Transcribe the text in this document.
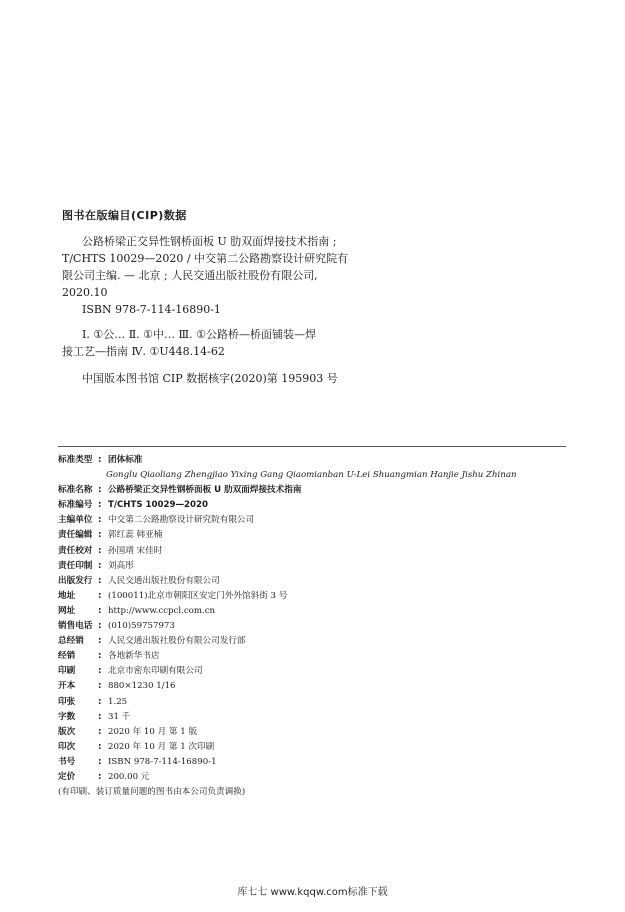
图书在版编目(CIP)数据
公路桥梁正交异性钢桥面板 U 肋双面焊接技术指南 ;
T/CHTS 10029—2020 / 中交第二公路勘察设计研究院有
限公司主编. — 北京 ; 人民交通出版社股份有限公司,
2020.10
ISBN 978-7-114-16890-1
Ⅰ. ①公… Ⅱ. ①中… Ⅲ. ①公路桥—桥面铺装—焊
接工艺—指南 Ⅳ. ①U448.14-62
中国版本图书馆 CIP 数据核字(2020)第 195903 号
标准类型 : 团体标准
Gonglu Qiaoliang Zhengjiao Yixing Gang Qiaomianban U-Lei Shuangmian Hanjie Jishu Zhinan
标准名称 : 公路桥梁正交异性钢桥面板 U 肋双面焊接技术指南
标准编号 : T/CHTS 10029—2020
主编单位 : 中交第二公路勘察设计研究院有限公司
责任编辑 : 郭红蕊 韩亚楠
责任校对 : 孙国靖 宋佳时
责任印制 : 刘高彤
出版发行 : 人民交通出版社股份有限公司
地址	: (100011)北京市朝阳区安定门外外馆斜街 3 号
网址	: http://www.ccpcl.com.cn
销售电话 : (010)59757973
总经销 : 人民交通出版社股份有限公司发行部
经销	: 各地新华书店
印刷	: 北京市密东印刷有限公司
开本	: 880×1230 1/16
印张	: 1.25
字数	: 31 千
版次	: 2020 年 10 月 第 1 版
印次	: 2020 年 10 月 第 1 次印刷
书号	: ISBN 978-7-114-16890-1
定价	: 200.00 元
(有印刷、装订质量问题的图书由本公司负责调换)
库七七 www.kqqw.com标准下载
